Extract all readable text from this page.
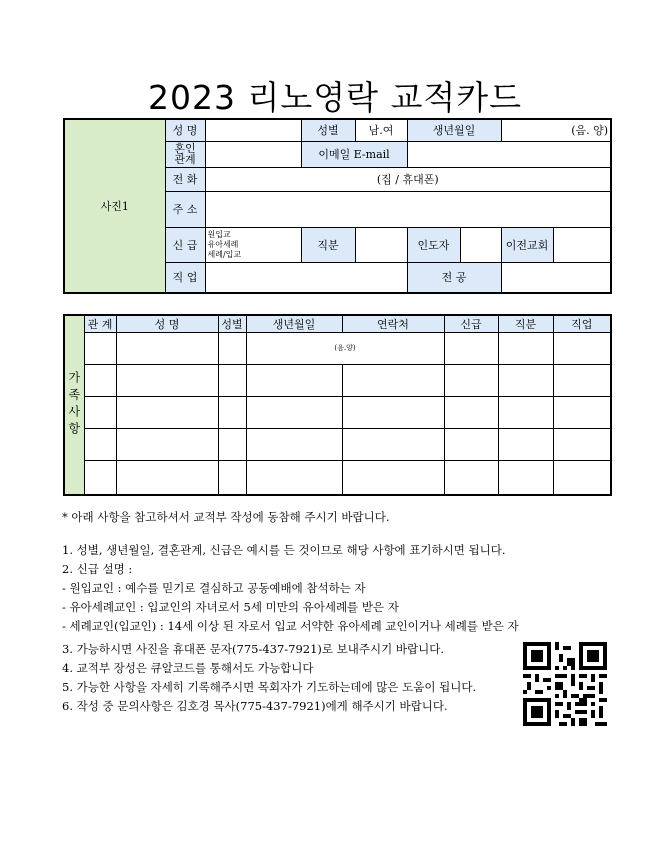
2023 리노영락 교적카드
사진1	성 명		성별	남.여	생년월일		(음. 양)	
	혼인
관계		이메일 E-mail					
	전 화	(집 / 휴대폰)						
	주 소							
	신 급	원입교
유아세례
세례/입교	직분		인도자		이전교회	
	직 업				전 공			
가족사항	관 계	성 명	성별	생년월일	연락처	신급	직분	직업
				(음.양)				

* 아래 사항을 참고하셔서 교적부 작성에 동참해 주시기 바랍니다.

1. 성별, 생년월일, 결혼관계, 신급은 예시를 든 것이므로 해당 사항에 표기하시면 됩니다.

2. 신급 설명 :

- 원입교인 : 예수를 믿기로 결심하고 공동예배에 참석하는 자

- 유아세례교인 : 입교인의 자녀로서 5세 미만의 유아세례를 받은 자

- 세례교인(입교인) : 14세 이상 된 자로서 입교 서약한 유아세례 교인이거나 세례를 받은 자

3. 가능하시면 사진을 휴대폰 문자(775-437-7921)로 보내주시기 바랍니다.

4. 교적부 장성은 큐알코드를 통해서도 가능합니다

5. 가능한 사항을 자세히 기록해주시면 목회자가 기도하는데에 많은 도움이 됩니다.

6. 작성 중 문의사항은 김호경 목사(775-437-7921)에게 해주시기 바랍니다.
